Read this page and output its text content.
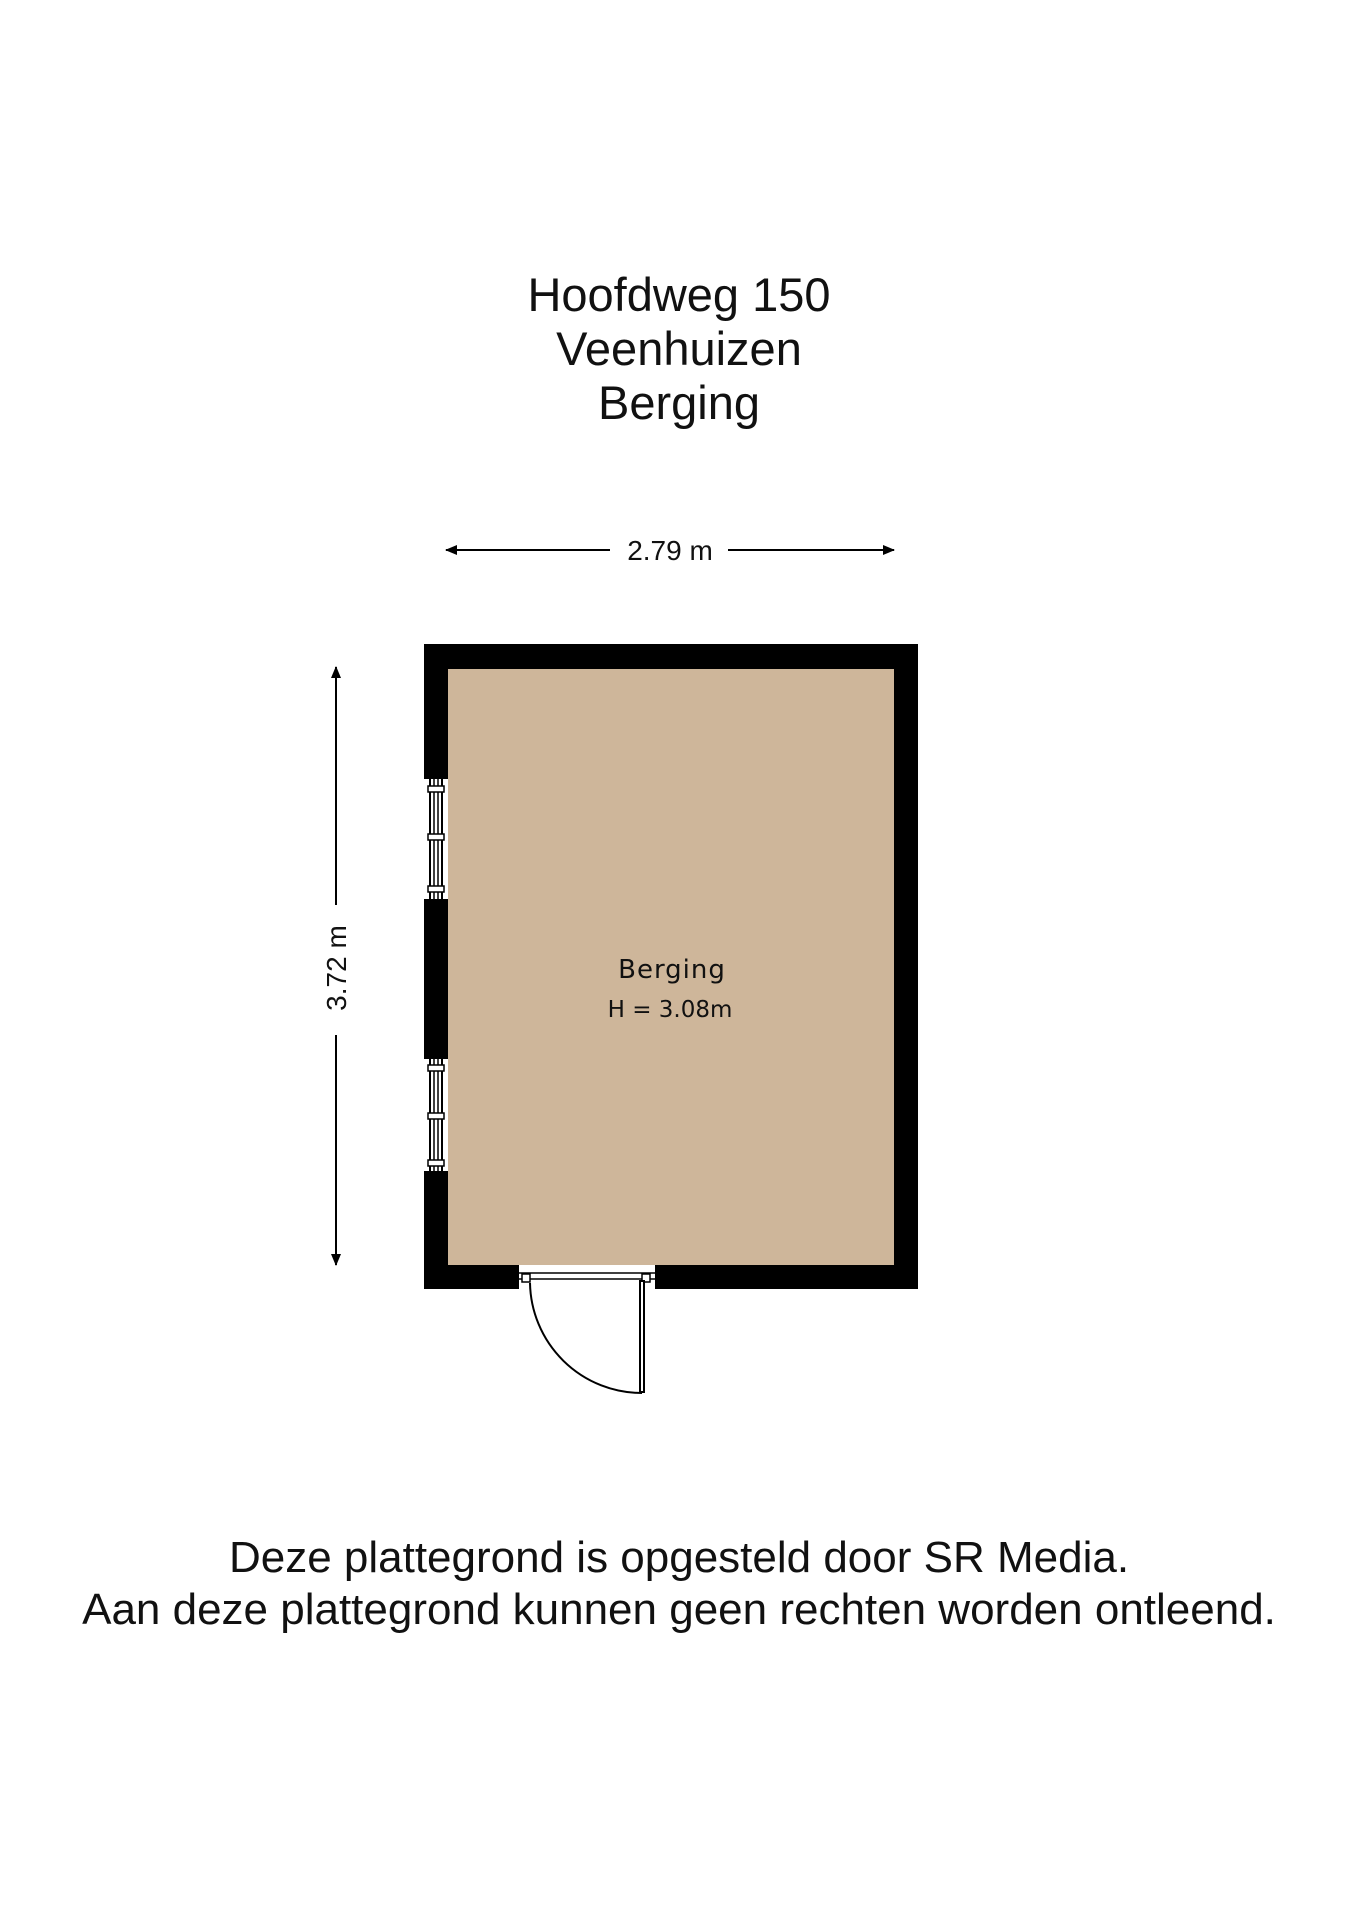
Hoofdweg 150
Veenhuizen
Berging
2.79 m
3.72 m	Berging
H = 3.08m
Deze plattegrond is opgesteld door SR Media.
Aan deze plattegrond kunnen geen rechten worden ontleend.
